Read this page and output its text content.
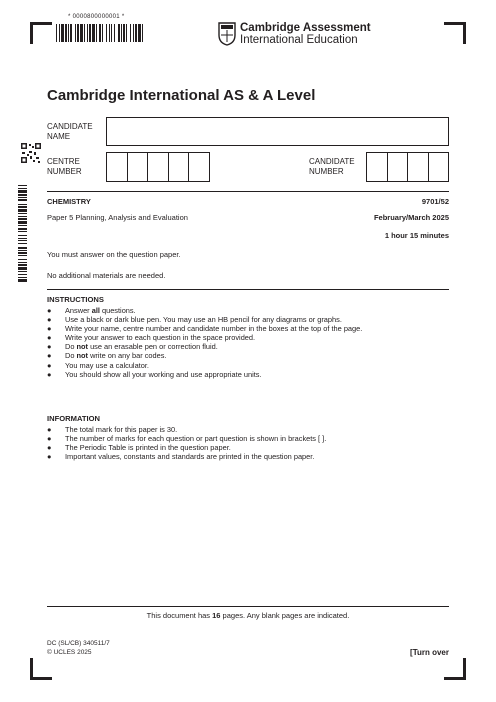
* 0000800000001 *
Cambridge Assessment
International Education
Cambridge International AS & A Level
CANDIDATE
NAME
CENTRE
NUMBER
CANDIDATE
NUMBER
CHEMISTRY	9701/52
Paper 5 Planning, Analysis and Evaluation	February/March 2025
1 hour 15 minutes
You must answer on the question paper.
No additional materials are needed.
INSTRUCTIONS
● Answer all questions.
● Use a black or dark blue pen. You may use an HB pencil for any diagrams or graphs.
● Write your name, centre number and candidate number in the boxes at the top of the page.
● Write your answer to each question in the space provided.
● Do not use an erasable pen or correction fluid.
● Do not write on any bar codes.
● You may use a calculator.
● You should show all your working and use appropriate units.
INFORMATION
● The total mark for this paper is 30.
● The number of marks for each question or part question is shown in brackets [ ].
● The Periodic Table is printed in the question paper.
● Important values, constants and standards are printed in the question paper.
This document has 16 pages. Any blank pages are indicated.
DC (SL/CB) 340511/7
© UCLES 2025	[Turn over
